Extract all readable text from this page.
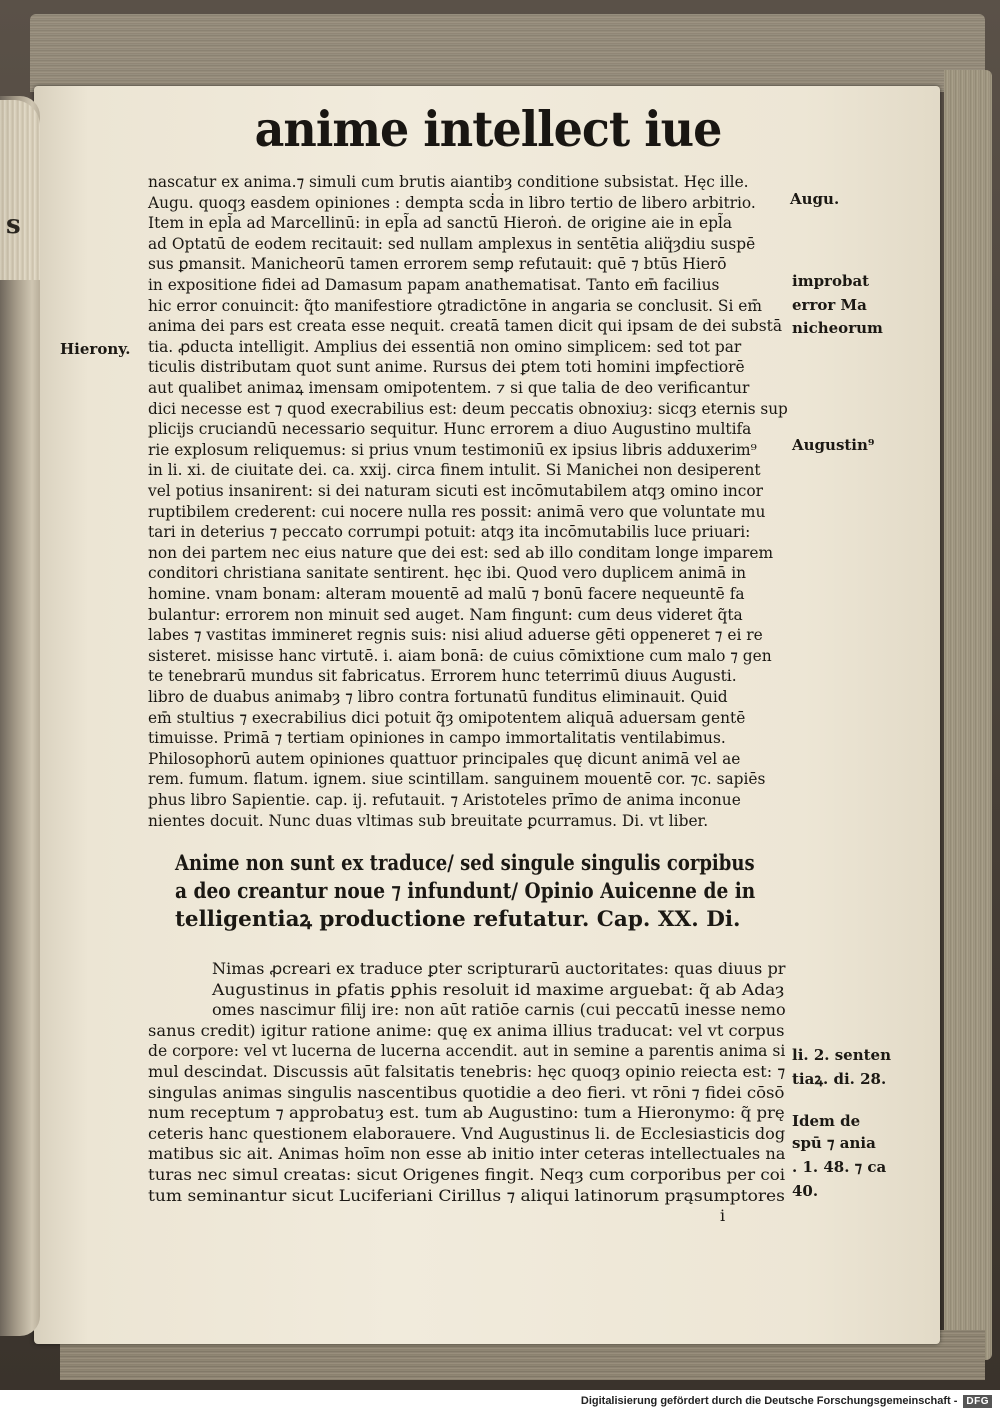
s
anime intellect iue
nascatur ex anima.⁊ simuli cum brutis aiantibȝ conditione subsistat. Hęc ille.
Augu. quoqȝ easdem opiniones : dempta scḋa in libro tertio de libero arbitrio.
Item in epl̃a ad Marcellinū: in epl̃a ad sanctū Hieroṅ. de origine aie in epl̃a
ad Optatū de eodem recitauit: sed nullam amplexus in sentētia aliq̈ȝdiu suspē
sus ꝑmansit. Manicheorū tamen errorem semꝑ refutauit: quē ⁊ btūs Hierō
in expositione fidei ad Damasum papam anathematisat. Tanto em̄ facilius
hic error conuincit: q̃to manifestiore ꝯtradictōne in angaria se conclusit. Si em̄
anima dei pars est creata esse nequit. creatā tamen dicit qui ipsam de dei substā
tia. ꝓducta intelligit. Amplius dei essentiā non omino simplicem: sed tot par
ticulis distributam quot sunt anime. Rursus dei ꝑtem toti homini imꝑfectiorē
aut qualibet animaꝝ imensam omipotentem. ⁊ si que talia de deo verificantur
dici necesse est ⁊ quod execrabilius est: deum peccatis obnoxiuȝ: sicqȝ eternis sup
plicijs cruciandū necessario sequitur. Hunc errorem a diuo Augustino multifa
rie explosum reliquemus: si prius vnum testimoniū ex ipsius libris adduxerim⁹
in li. xi. de ciuitate dei. ca. xxij. circa finem intulit. Si Manichei non desiperent
vel potius insanirent: si dei naturam sicuti est incōmutabilem atqȝ omino incor
ruptibilem crederent: cui nocere nulla res possit: animā vero que voluntate mu
tari in deterius ⁊ peccato corrumpi potuit: atqȝ ita incōmutabilis luce priuari:
non dei partem nec eius nature que dei est: sed ab illo conditam longe imparem
conditori christiana sanitate sentirent. hęc ibi. Quod vero duplicem animā in
homine. vnam bonam: alteram mouentē ad malū ⁊ bonū facere nequeuntē fa
bulantur: errorem non minuit sed auget. Nam fingunt: cum deus videret q̃ta
labes ⁊ vastitas immineret regnis suis: nisi aliud aduerse gēti oppeneret ⁊ ei re
sisteret. misisse hanc virtutē. i. aiam bonā: de cuius cōmixtione cum malo ⁊ gen
te tenebrarū mundus sit fabricatus. Errorem hunc teterrimū diuus Augusti.
libro de duabus animabȝ ⁊ libro contra fortunatū funditus eliminauit. Quid
em̄ stultius ⁊ execrabilius dici potuit q̃ȝ omipotentem aliquā aduersam gentē
timuisse. Primā ⁊ tertiam opiniones in campo immortalitatis ventilabimus.
Philosophorū autem opiniones quattuor principales quę dicunt animā vel ae
rem. fumum. flatum. ignem. siue scintillam. sanguinem mouentē cor. ⁊c. sapiēs
phus libro Sapientie. cap. ij. refutauit. ⁊ Aristoteles prīmo de anima inconue
nientes docuit. Nunc duas vltimas sub breuitate ꝑcurramus. Di. vt liber.
Anime non sunt ex traduce/ sed singule singulis corpibus
a deo creantur noue ⁊ infundunt/ Opinio Auicenne de in
telligentiaꝝ productione refutatur. Cap. XX. Di.
Nimas ꝓcreari ex traduce ꝑter scripturarū auctoritates: quas diuus pr
Augustinus in ꝑfatis ꝑphis resoluit id maxime arguebat: q̃ ab Adaȝ
omes nascimur filij ire: non aūt ratiōe carnis (cui peccatū inesse nemo
sanus credit) igitur ratione anime: quę ex anima illius traducat: vel vt corpus
de corpore: vel vt lucerna de lucerna accendit. aut in semine a parentis anima si
mul descindat. Discussis aūt falsitatis tenebris: hęc quoqȝ opinio reiecta est: ⁊
singulas animas singulis nascentibus quotidie a deo fieri. vt rōni ⁊ fidei cōsō
num receptum ⁊ approbatuȝ est. tum ab Augustino: tum a Hieronymo: q̃ prę
ceteris hanc questionem elaborauere. Vnd Augustinus li. de Ecclesiasticis dog
matibus sic ait. Animas hoīm non esse ab initio inter ceteras intellectuales na
turas nec simul creatas: sicut Origenes fingit. Neqȝ cum corporibus per coi
tum seminantur sicut Luciferiani Cirillus ⁊ aliqui latinorum prąsumptores
Augu.
improbat
error Ma
nicheorum
Hierony.
Augustin⁹
li. 2. senten
tiaꝝ. di. 28.
Idem de
spū ⁊ ania
. 1. 48. ⁊ ca
40.
i
Digitalisierung gefördert durch die Deutsche Forschungsgemeinschaft - DFG
